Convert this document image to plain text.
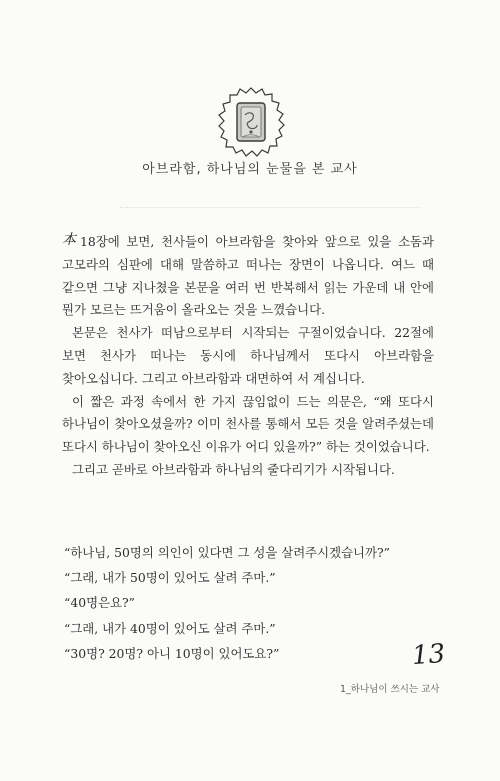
아브라함, 하나님의 눈물을 본 교사

本 18장에 보면, 천사들이 아브라함을 찾아와 앞으로 있을 소돔과 고모라의 심판에 대해 말씀하고 떠나는 장면이 나옵니다. 여느 때 같으면 그냥 지나쳤을 본문을 여러 번 반복해서 읽는 가운데 내 안에 뭔가 모르는 뜨거움이 올라오는 것을 느꼈습니다.

본문은 천사가 떠남으로부터 시작되는 구절이었습니다. 22절에 보면 천사가 떠나는 동시에 하나님께서 또다시 아브라함을 찾아오십니다. 그리고 아브라함과 대면하여 서 계십니다.

이 짧은 과정 속에서 한 가지 끊임없이 드는 의문은, “왜 또다시 하나님이 찾아오셨을까? 이미 천사를 통해서 모든 것을 알려주셨는데 또다시 하나님이 찾아오신 이유가 어디 있을까?” 하는 것이었습니다.

그리고 곧바로 아브라함과 하나님의 줄다리기가 시작됩니다.

“하나님, 50명의 의인이 있다면 그 성을 살려주시겠습니까?”

“그래, 내가 50명이 있어도 살려 주마.”

“40명은요?”

“그래, 내가 40명이 있어도 살려 주마.”

“30명? 20명? 아니 10명이 있어도요?”	13
1_하나님이 쓰시는 교사
